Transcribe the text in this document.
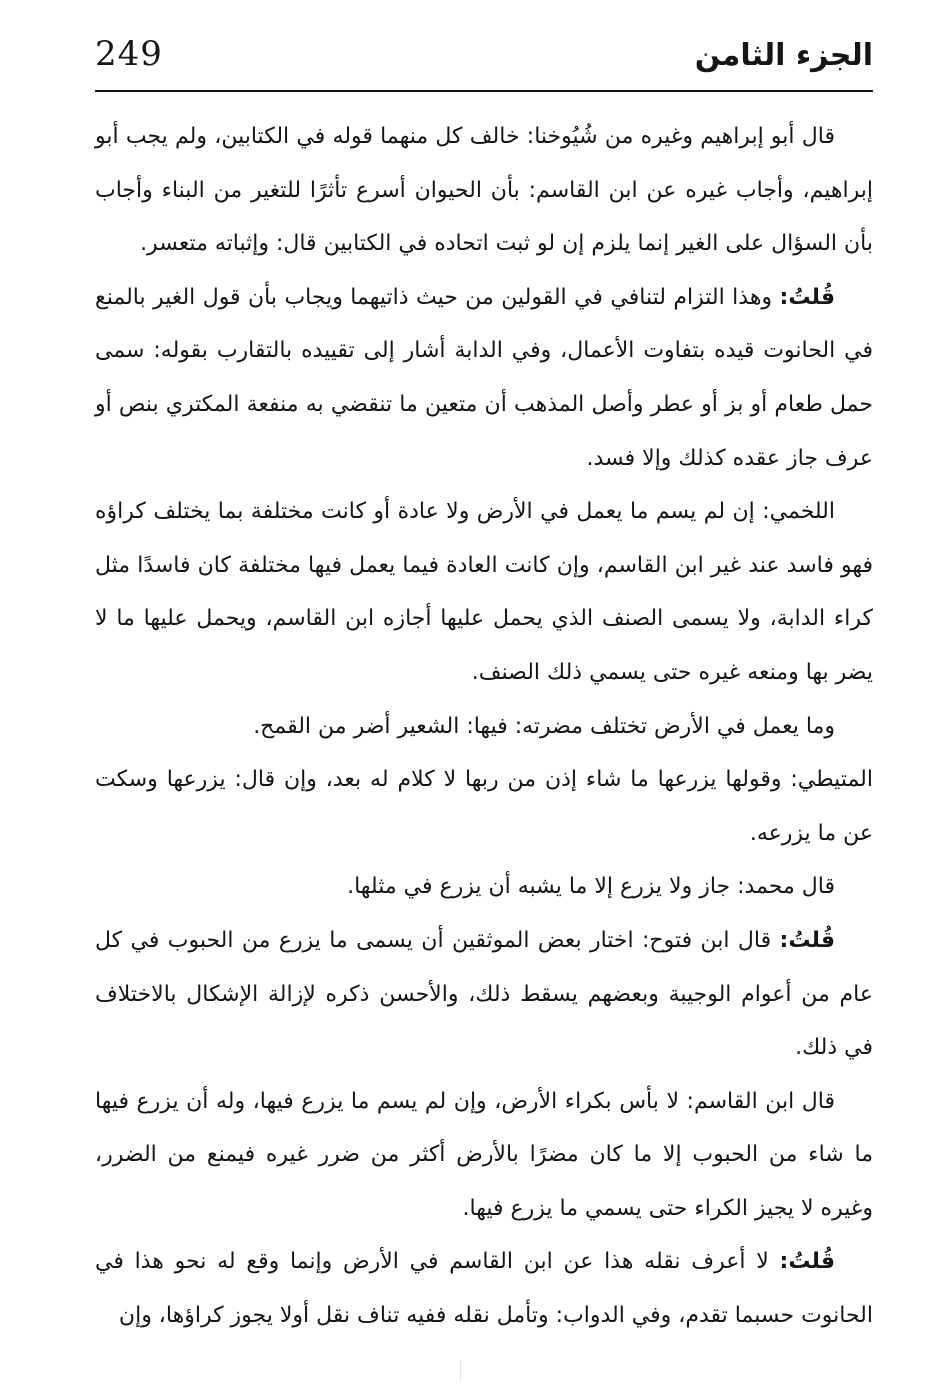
249	الجزء الثامن

قال أبو إبراهيم وغيره من شُيُوخنا: خالف كل منهما قوله في الكتابين، ولم يجب أبو إبراهيم، وأجاب غيره عن ابن القاسم: بأن الحيوان أسرع تأثرًا للتغير من البناء وأجاب بأن السؤال على الغير إنما يلزم إن لو ثبت اتحاده في الكتابين قال: وإثباته متعسر.

قُلتُ: وهذا التزام لتنافي في القولين من حيث ذاتيهما ويجاب بأن قول الغير بالمنع في الحانوت قيده بتفاوت الأعمال، وفي الدابة أشار إلى تقييده بالتقارب بقوله: سمى حمل طعام أو بز أو عطر وأصل المذهب أن متعين ما تنقضي به منفعة المكتري بنص أو عرف جاز عقده كذلك وإلا فسد.

اللخمي: إن لم يسم ما يعمل في الأرض ولا عادة أو كانت مختلفة بما يختلف كراؤه فهو فاسد عند غير ابن القاسم، وإن كانت العادة فيما يعمل فيها مختلفة كان فاسدًا مثل كراء الدابة، ولا يسمى الصنف الذي يحمل عليها أجازه ابن القاسم، ويحمل عليها ما لا يضر بها ومنعه غيره حتى يسمي ذلك الصنف.

وما يعمل في الأرض تختلف مضرته: فيها: الشعير أضر من القمح.

المتيطي: وقولها يزرعها ما شاء إذن من ربها لا كلام له بعد، وإن قال: يزرعها وسكت عن ما يزرعه.

قال محمد: جاز ولا يزرع إلا ما يشبه أن يزرع في مثلها.

قُلتُ: قال ابن فتوح: اختار بعض الموثقين أن يسمى ما يزرع من الحبوب في كل عام من أعوام الوجيبة وبعضهم يسقط ذلك، والأحسن ذكره لإزالة الإشكال بالاختلاف في ذلك.

قال ابن القاسم: لا بأس بكراء الأرض، وإن لم يسم ما يزرع فيها، وله أن يزرع فيها ما شاء من الحبوب إلا ما كان مضرًا بالأرض أكثر من ضرر غيره فيمنع من الضرر، وغيره لا يجيز الكراء حتى يسمي ما يزرع فيها.

قُلتُ: لا أعرف نقله هذا عن ابن القاسم في الأرض وإنما وقع له نحو هذا في الحانوت حسبما تقدم، وفي الدواب: وتأمل نقله ففيه تناف نقل أولا يجوز كراؤها، وإن
